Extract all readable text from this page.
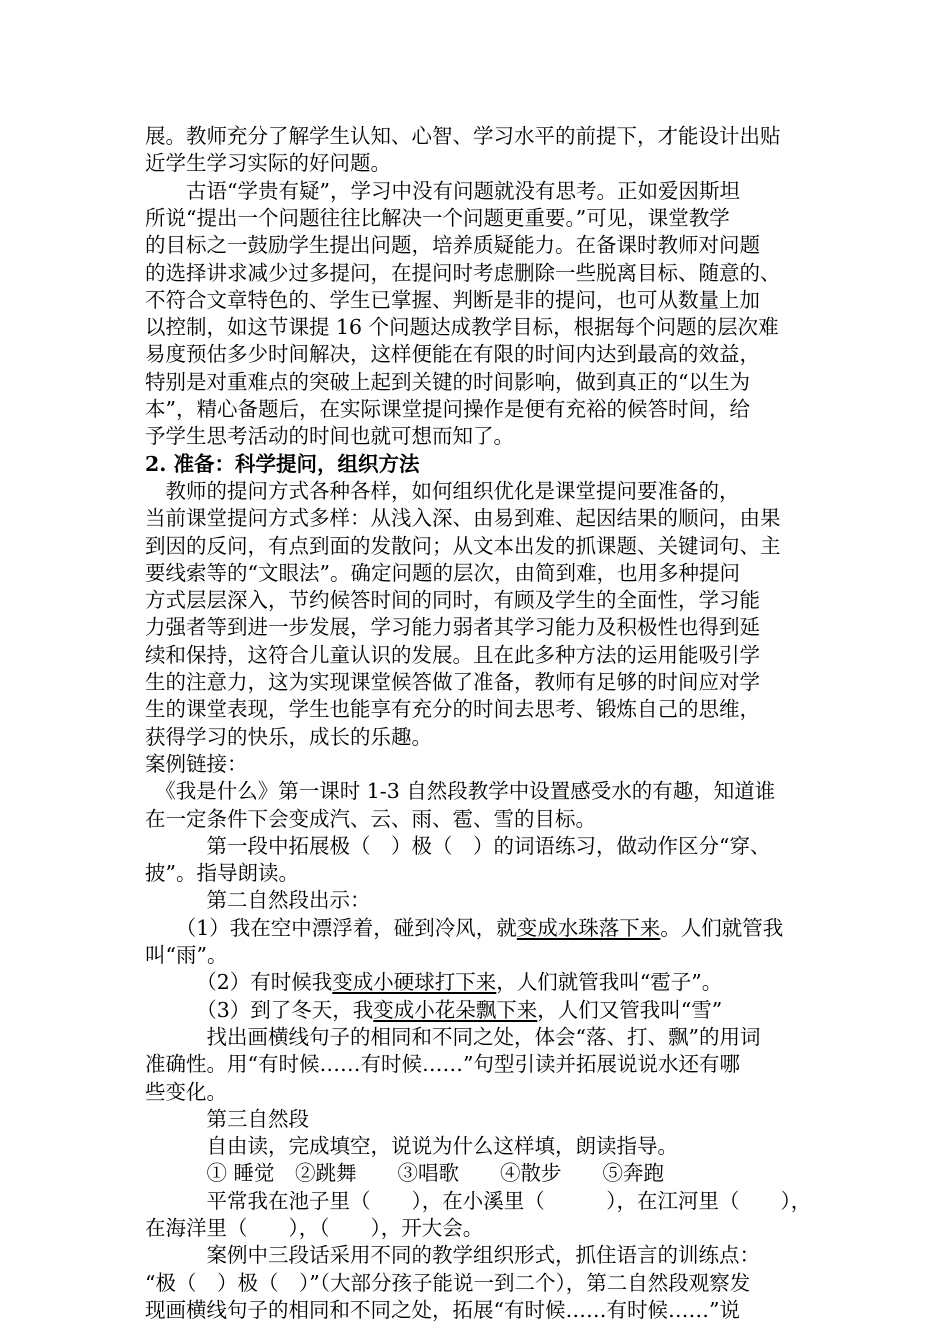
展。教师充分了解学生认知、心智、学习水平的前提下，才能设计出贴
近学生学习实际的好问题。
　　古语“学贵有疑”，学习中没有问题就没有思考。正如爱因斯坦
所说“提出一个问题往往比解决一个问题更重要。”可见，课堂教学
的目标之一鼓励学生提出问题，培养质疑能力。在备课时教师对问题
的选择讲求减少过多提问，在提问时考虑删除一些脱离目标、随意的、
不符合文章特色的、学生已掌握、判断是非的提问，也可从数量上加
以控制，如这节课提 16 个问题达成教学目标，根据每个问题的层次难
易度预估多少时间解决，这样便能在有限的时间内达到最高的效益，
特别是对重难点的突破上起到关键的时间影响，做到真正的“以生为
本”，精心备题后，在实际课堂提问操作是便有充裕的候答时间，给
予学生思考活动的时间也就可想而知了。
2. 准备：科学提问，组织方法
　教师的提问方式各种各样，如何组织优化是课堂提问要准备的，
当前课堂提问方式多样：从浅入深、由易到难、起因结果的顺问，由果
到因的反问，有点到面的发散问；从文本出发的抓课题、关键词句、主
要线索等的“文眼法”。确定问题的层次，由简到难，也用多种提问
方式层层深入，节约候答时间的同时，有顾及学生的全面性，学习能
力强者等到进一步发展，学习能力弱者其学习能力及积极性也得到延
续和保持，这符合儿童认识的发展。且在此多种方法的运用能吸引学
生的注意力，这为实现课堂候答做了准备，教师有足够的时间应对学
生的课堂表现，学生也能享有充分的时间去思考、锻炼自己的思维，
获得学习的快乐，成长的乐趣。
案例链接：
　《我是什么》第一课时 1-3 自然段教学中设置感受水的有趣，知道谁
在一定条件下会变成汽、云、雨、雹、雪的目标。
　　　第一段中拓展极（　）极（　）的词语练习，做动作区分“穿、
披”。指导朗读。
　　　第二自然段出示：
　　（1）我在空中漂浮着，碰到冷风，就变成水珠落下来。人们就管我
叫“雨”。
　　　（2）有时候我变成小硬球打下来，人们就管我叫“雹子”。
　　　（3）到了冬天，我变成小花朵飘下来，人们又管我叫“雪”
　　　找出画横线句子的相同和不同之处，体会“落、打、飘”的用词
准确性。用“有时候……有时候……”句型引读并拓展说说水还有哪
些变化。
　　　第三自然段
　　　自由读，完成填空，说说为什么这样填，朗读指导。
　　　① 睡觉　②跳舞　　③唱歌　　④散步　　⑤奔跑
　　　平常我在池子里（　　），在小溪里（　　　），在江河里（　　），
在海洋里（　　），（　　），开大会。
　　　案例中三段话采用不同的教学组织形式，抓住语言的训练点：
“极（　）极（　）”（大部分孩子能说一到二个），第二自然段观察发
现画横线句子的相同和不同之处，拓展“有时候……有时候……”说
